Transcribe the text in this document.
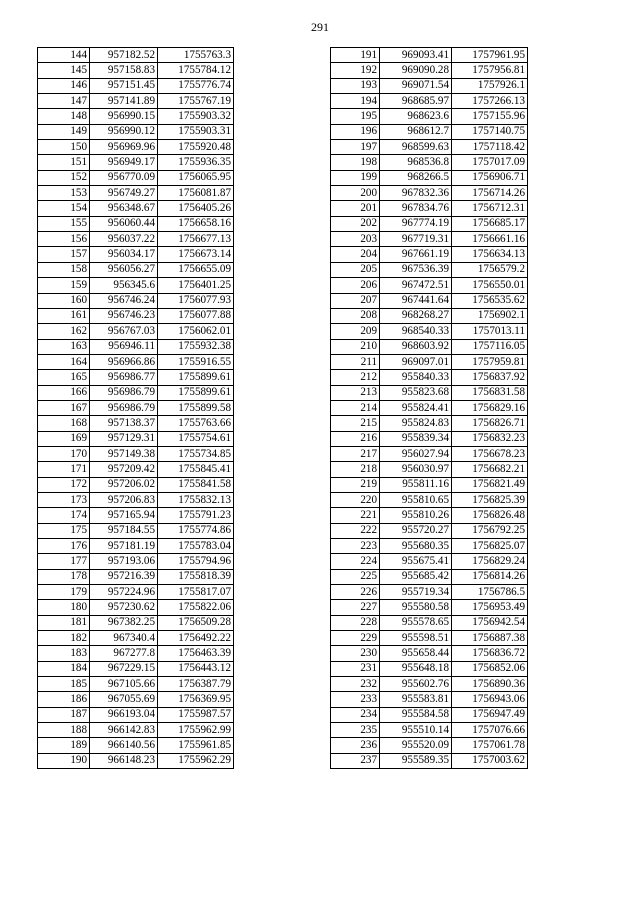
291
144	957182.52	1755763.3
145	957158.83	1755784.12
146	957151.45	1755776.74
147	957141.89	1755767.19
148	956990.15	1755903.32
149	956990.12	1755903.31
150	956969.96	1755920.48
151	956949.17	1755936.35
152	956770.09	1756065.95
153	956749.27	1756081.87
154	956348.67	1756405.26
155	956060.44	1756658.16
156	956037.22	1756677.13
157	956034.17	1756673.14
158	956056.27	1756655.09
159	956345.6	1756401.25
160	956746.24	1756077.93
161	956746.23	1756077.88
162	956767.03	1756062.01
163	956946.11	1755932.38
164	956966.86	1755916.55
165	956986.77	1755899.61
166	956986.79	1755899.61
167	956986.79	1755899.58
168	957138.37	1755763.66
169	957129.31	1755754.61
170	957149.38	1755734.85
171	957209.42	1755845.41
172	957206.02	1755841.58
173	957206.83	1755832.13
174	957165.94	1755791.23
175	957184.55	1755774.86
176	957181.19	1755783.04
177	957193.06	1755794.96
178	957216.39	1755818.39
179	957224.96	1755817.07
180	957230.62	1755822.06
181	967382.25	1756509.28
182	967340.4	1756492.22
183	967277.8	1756463.39
184	967229.15	1756443.12
185	967105.66	1756387.79
186	967055.69	1756369.95
187	966193.04	1755987.57
188	966142.83	1755962.99
189	966140.56	1755961.85
190	966148.23	1755962.29
191	969093.41	1757961.95
192	969090.28	1757956.81
193	969071.54	1757926.1
194	968685.97	1757266.13
195	968623.6	1757155.96
196	968612.7	1757140.75
197	968599.63	1757118.42
198	968536.8	1757017.09
199	968266.5	1756906.71
200	967832.36	1756714.26
201	967834.76	1756712.31
202	967774.19	1756685.17
203	967719.31	1756661.16
204	967661.19	1756634.13
205	967536.39	1756579.2
206	967472.51	1756550.01
207	967441.64	1756535.62
208	968268.27	1756902.1
209	968540.33	1757013.11
210	968603.92	1757116.05
211	969097.01	1757959.81
212	955840.33	1756837.92
213	955823.68	1756831.58
214	955824.41	1756829.16
215	955824.83	1756826.71
216	955839.34	1756832.23
217	956027.94	1756678.23
218	956030.97	1756682.21
219	955811.16	1756821.49
220	955810.65	1756825.39
221	955810.26	1756826.48
222	955720.27	1756792.25
223	955680.35	1756825.07
224	955675.41	1756829.24
225	955685.42	1756814.26
226	955719.34	1756786.5
227	955580.58	1756953.49
228	955578.65	1756942.54
229	955598.51	1756887.38
230	955658.44	1756836.72
231	955648.18	1756852.06
232	955602.76	1756890.36
233	955583.81	1756943.06
234	955584.58	1756947.49
235	955510.14	1757076.66
236	955520.09	1757061.78
237	955589.35	1757003.62
